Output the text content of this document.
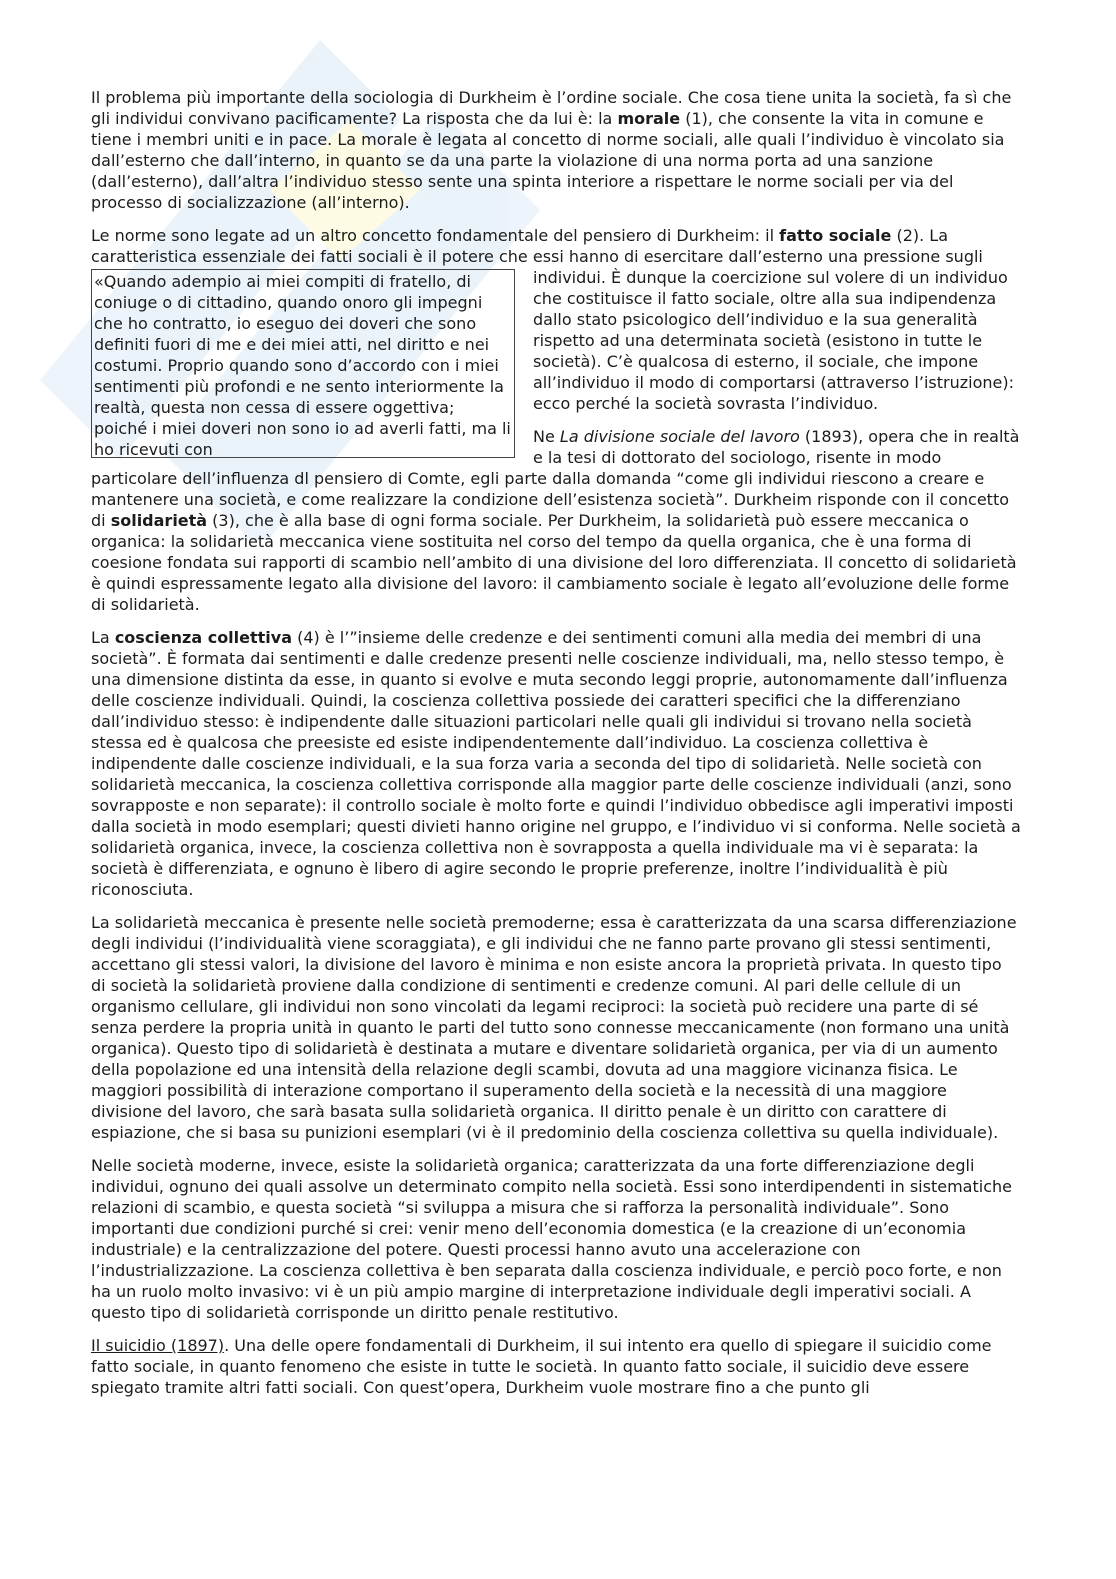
Il problema più importante della sociologia di Durkheim è l’ordine sociale. Che cosa tiene unita la società, fa sì che gli individui convivano pacificamente? La risposta che da lui è: la morale (1), che consente la vita in comune e tiene i membri uniti e in pace. La morale è legata al concetto di norme sociali, alle quali l’individuo è vincolato sia dall’esterno che dall’interno, in quanto se da una parte la violazione di una norma porta ad una sanzione (dall’esterno), dall’altra l’individuo stesso sente una spinta interiore a rispettare le norme sociali per via del processo di socializzazione (all’interno).

Le norme sono legate ad un altro concetto fondamentale del pensiero di Durkheim: il fatto sociale (2). La caratteristica essenziale dei fatti sociali è il potere che essi hanno di esercitare dall’esterno una pressione sugli individui. È dunque la coercizione sul volere di un individuo che costituisce il fatto sociale, oltre alla sua indipendenza dallo stato psicologico dell’individuo e la sua generalità rispetto ad una determinata società (esistono in tutte le società). C’è qualcosa di esterno, il sociale, che impone all’individuo il modo di comportarsi (attraverso l’istruzione): ecco perché la società sovrasta l’individuo.

«Quando adempio ai miei compiti di fratello, di coniuge o di cittadino, quando onoro gli impegni che ho contratto, io eseguo dei doveri che sono definiti fuori di me e dei miei atti, nel diritto e nei costumi. Proprio quando sono d’accordo con i miei sentimenti più profondi e ne sento interiormente la realtà, questa non cessa di essere oggettiva; poiché i miei doveri non sono io ad averli fatti, ma li ho ricevuti con

Ne La divisione sociale del lavoro (1893), opera che in realtà e la tesi di dottorato del sociologo, risente in modo particolare dell’influenza dl pensiero di Comte, egli parte dalla domanda “come gli individui riescono a creare e mantenere una società, e come realizzare la condizione dell’esistenza società”. Durkheim risponde con il concetto di solidarietà (3), che è alla base di ogni forma sociale. Per Durkheim, la solidarietà può essere meccanica o organica: la solidarietà meccanica viene sostituita nel corso del tempo da quella organica, che è una forma di coesione fondata sui rapporti di scambio nell’ambito di una divisione del loro differenziata. Il concetto di solidarietà è quindi espressamente legato alla divisione del lavoro: il cambiamento sociale è legato all’evoluzione delle forme di solidarietà.

La coscienza collettiva (4) è l’”insieme delle credenze e dei sentimenti comuni alla media dei membri di una società”. È formata dai sentimenti e dalle credenze presenti nelle coscienze individuali, ma, nello stesso tempo, è una dimensione distinta da esse, in quanto si evolve e muta secondo leggi proprie, autonomamente dall’influenza delle coscienze individuali. Quindi, la coscienza collettiva possiede dei caratteri specifici che la differenziano dall’individuo stesso: è indipendente dalle situazioni particolari nelle quali gli individui si trovano nella società stessa ed è qualcosa che preesiste ed esiste indipendentemente dall’individuo. La coscienza collettiva è indipendente dalle coscienze individuali, e la sua forza varia a seconda del tipo di solidarietà. Nelle società con solidarietà meccanica, la coscienza collettiva corrisponde alla maggior parte delle coscienze individuali (anzi, sono sovrapposte e non separate): il controllo sociale è molto forte e quindi l’individuo obbedisce agli imperativi imposti dalla società in modo esemplari; questi divieti hanno origine nel gruppo, e l’individuo vi si conforma. Nelle società a solidarietà organica, invece, la coscienza collettiva non è sovrapposta a quella individuale ma vi è separata: la società è differenziata, e ognuno è libero di agire secondo le proprie preferenze, inoltre l’individualità è più riconosciuta.

La solidarietà meccanica è presente nelle società premoderne; essa è caratterizzata da una scarsa differenziazione degli individui (l’individualità viene scoraggiata), e gli individui che ne fanno parte provano gli stessi sentimenti, accettano gli stessi valori, la divisione del lavoro è minima e non esiste ancora la proprietà privata. In questo tipo di società la solidarietà proviene dalla condizione di sentimenti e credenze comuni. Al pari delle cellule di un organismo cellulare, gli individui non sono vincolati da legami reciproci: la società può recidere una parte di sé senza perdere la propria unità in quanto le parti del tutto sono connesse meccanicamente (non formano una unità organica). Questo tipo di solidarietà è destinata a mutare e diventare solidarietà organica, per via di un aumento della popolazione ed una intensità della relazione degli scambi, dovuta ad una maggiore vicinanza fisica. Le maggiori possibilità di interazione comportano il superamento della società e la necessità di una maggiore divisione del lavoro, che sarà basata sulla solidarietà organica. Il diritto penale è un diritto con carattere di espiazione, che si basa su punizioni esemplari (vi è il predominio della coscienza collettiva su quella individuale).

Nelle società moderne, invece, esiste la solidarietà organica; caratterizzata da una forte differenziazione degli individui, ognuno dei quali assolve un determinato compito nella società. Essi sono interdipendenti in sistematiche relazioni di scambio, e questa società “si sviluppa a misura che si rafforza la personalità individuale”. Sono importanti due condizioni purché si crei: venir meno dell’economia domestica (e la creazione di un’economia industriale) e la centralizzazione del potere. Questi processi hanno avuto una accelerazione con l’industrializzazione. La coscienza collettiva è ben separata dalla coscienza individuale, e perciò poco forte, e non ha un ruolo molto invasivo: vi è un più ampio margine di interpretazione individuale degli imperativi sociali. A questo tipo di solidarietà corrisponde un diritto penale restitutivo.

Il suicidio (1897). Una delle opere fondamentali di Durkheim, il sui intento era quello di spiegare il suicidio come fatto sociale, in quanto fenomeno che esiste in tutte le società. In quanto fatto sociale, il suicidio deve essere spiegato tramite altri fatti sociali. Con quest’opera, Durkheim vuole mostrare fino a che punto gli
